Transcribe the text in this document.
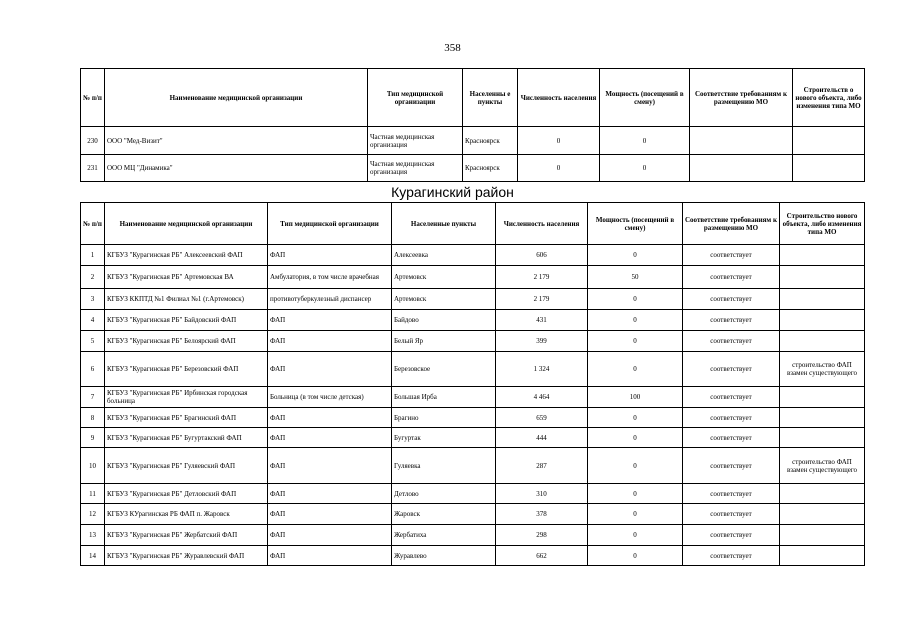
358
№ п/п	Наименование медицинской организации	Тип медицинской организации	Населенны е пункты	Численность населения	Мощность (посещений в смену)	Соответствие требованиям к размещению МО	Строительств о нового объекта, либо изменения типа МО
230	ООО "Мед-Визит"	Частная медицинская организация	Красноярск	0	0		
231	ООО МЦ "Динамика"	Частная медицинская организация	Красноярск	0	0		
Курагинский район
№ п/п	Наименование медицинской организации	Тип медицинской организации	Населенные пункты	Численность населения	Мощность (посещений в смену)	Соответствие требованиям к размещению МО	Строительство нового объекта, либо изменения типа МО
1	КГБУЗ "Курагинская РБ" Алексеевский ФАП	ФАП	Алексеевка	606	0	соответствует	
2	КГБУЗ "Курагинская РБ" Артемовская ВА	Амбулатория, в том числе врачебная	Артемовск	2 179	50	соответствует	
3	КГБУЗ ККПТД №1 Филиал №1 (г.Артемовск)	противотуберкулезный диспансер	Артемовск	2 179	0	соответствует	
4	КГБУЗ "Курагинская РБ" Байдовский ФАП	ФАП	Байдово	431	0	соответствует	
5	КГБУЗ "Курагинская РБ" Белоярский ФАП	ФАП	Белый Яр	399	0	соответствует	
6	КГБУЗ "Курагинская РБ" Березовский ФАП	ФАП	Березовское	1 324	0	соответствует	строительство ФАП взамен существующего
7	КГБУЗ "Курагинская РБ" Ирбинская городская больница	Больница (в том числе детская)	Большая Ирба	4 464	100	соответствует	
8	КГБУЗ "Курагинская РБ" Брагинский ФАП	ФАП	Брагино	659	0	соответствует	
9	КГБУЗ "Курагинская РБ" Бугуртакский ФАП	ФАП	Бугуртак	444	0	соответствует	
10	КГБУЗ "Курагинская РБ" Гуляевский ФАП	ФАП	Гуляевка	287	0	соответствует	строительство ФАП взамен существующего
11	КГБУЗ "Курагинская РБ" Детловский ФАП	ФАП	Детлово	310	0	соответствует	
12	КГБУЗ КУрагинская РБ ФАП п. Жаровск	ФАП	Жаровск	378	0	соответствует	
13	КГБУЗ "Курагинская РБ" Жербатский ФАП	ФАП	Жербатиха	298	0	соответствует	
14	КГБУЗ "Курагинская РБ" Журавлевский ФАП	ФАП	Журавлево	662	0	соответствует	
